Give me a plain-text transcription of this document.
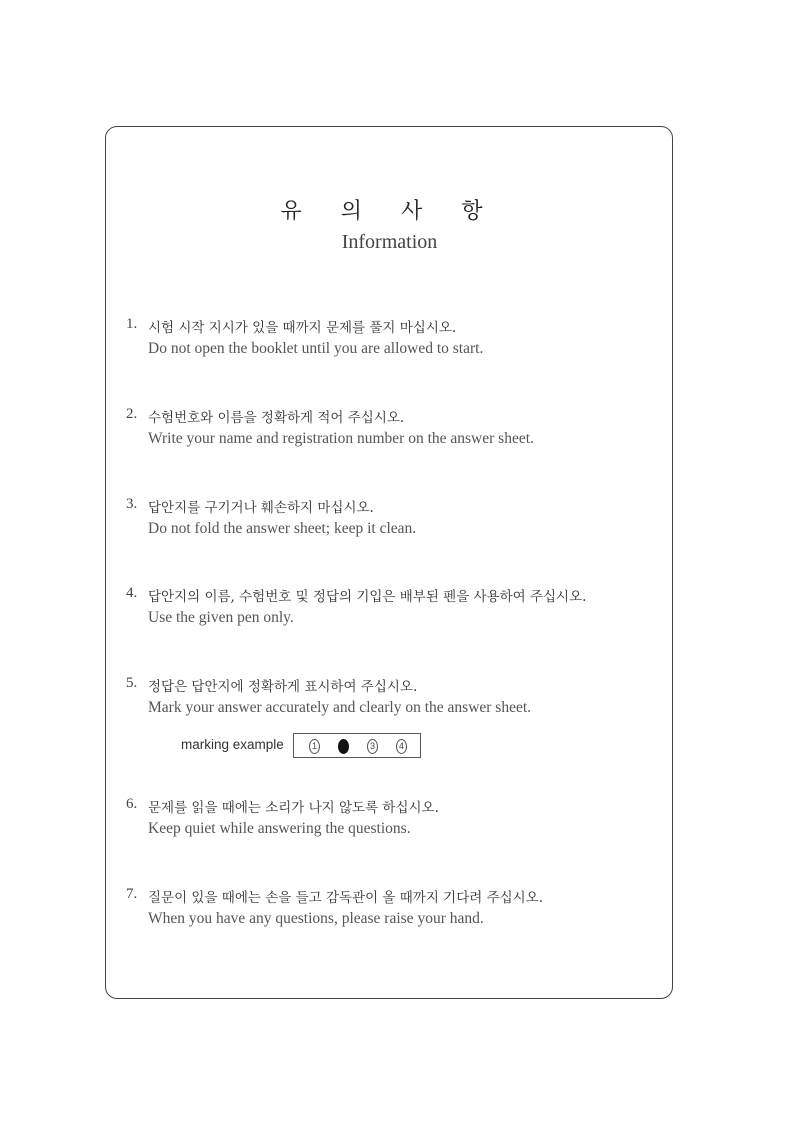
유 의 사 항
Information
1. 시험 시작 지시가 있을 때까지 문제를 풀지 마십시오.
Do not open the booklet until you are allowed to start.
2. 수험번호와 이름을 정확하게 적어 주십시오.
Write your name and registration number on the answer sheet.
3. 답안지를 구기거나 훼손하지 마십시오.
Do not fold the answer sheet; keep it clean.
4. 답안지의 이름, 수험번호 및 정답의 기입은 배부된 펜을 사용하여 주십시오.
Use the given pen only.
5. 정답은 답안지에 정확하게 표시하여 주십시오.
Mark your answer accurately and clearly on the answer sheet.
marking example	1	3	4
6. 문제를 읽을 때에는 소리가 나지 않도록 하십시오.
Keep quiet while answering the questions.
7. 질문이 있을 때에는 손을 들고 감독관이 올 때까지 기다려 주십시오.
When you have any questions, please raise your hand.
